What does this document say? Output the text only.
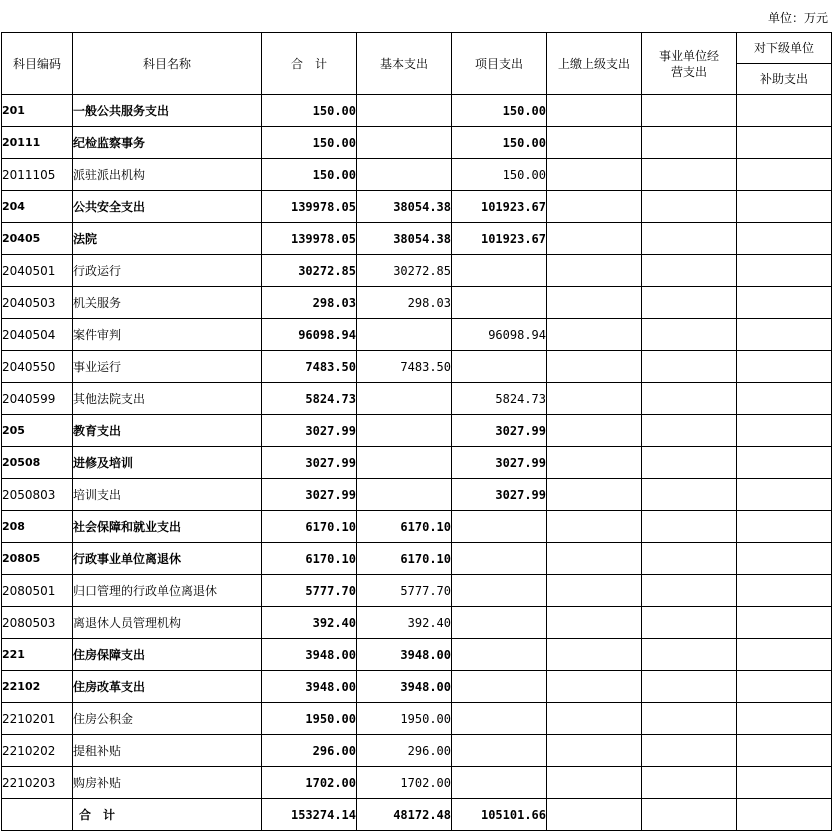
单位：万元
科目编码	科目名称	合　计	基本支出	项目支出	上缴上级支出	事业单位经营支出	对下级单位
							补助支出
201	一般公共服务支出	150.00		150.00			
20111	纪检监察事务	150.00		150.00			
2011105	派驻派出机构	150.00		150.00			
204	公共安全支出	139978.05	38054.38	101923.67			
20405	法院	139978.05	38054.38	101923.67			
2040501	行政运行	30272.85	30272.85				
2040503	机关服务	298.03	298.03				
2040504	案件审判	96098.94		96098.94			
2040550	事业运行	7483.50	7483.50				
2040599	其他法院支出	5824.73		5824.73			
205	教育支出	3027.99		3027.99			
20508	进修及培训	3027.99		3027.99			
2050803	培训支出	3027.99		3027.99			
208	社会保障和就业支出	6170.10	6170.10				
20805	行政事业单位离退休	6170.10	6170.10				
2080501	归口管理的行政单位离退休	5777.70	5777.70				
2080503	离退休人员管理机构	392.40	392.40				
221	住房保障支出	3948.00	3948.00				
22102	住房改革支出	3948.00	3948.00				
2210201	住房公积金	1950.00	1950.00				
2210202	提租补贴	296.00	296.00				
2210203	购房补贴	1702.00	1702.00				
	合　计	153274.14	48172.48	105101.66			
